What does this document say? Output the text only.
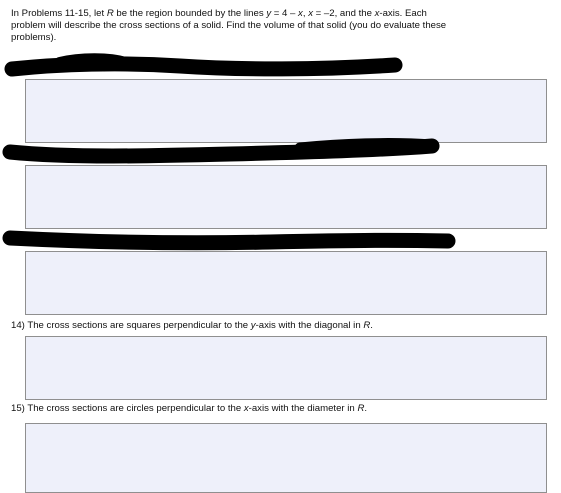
In Problems 11-15, let R be the region bounded by the lines y = 4 – x, x = –2, and the x-axis. Each
problem will describe the cross sections of a solid. Find the volume of that solid (you do evaluate these
problems).
14) The cross sections are squares perpendicular to the y-axis with the diagonal in R.
15) The cross sections are circles perpendicular to the x-axis with the diameter in R.
